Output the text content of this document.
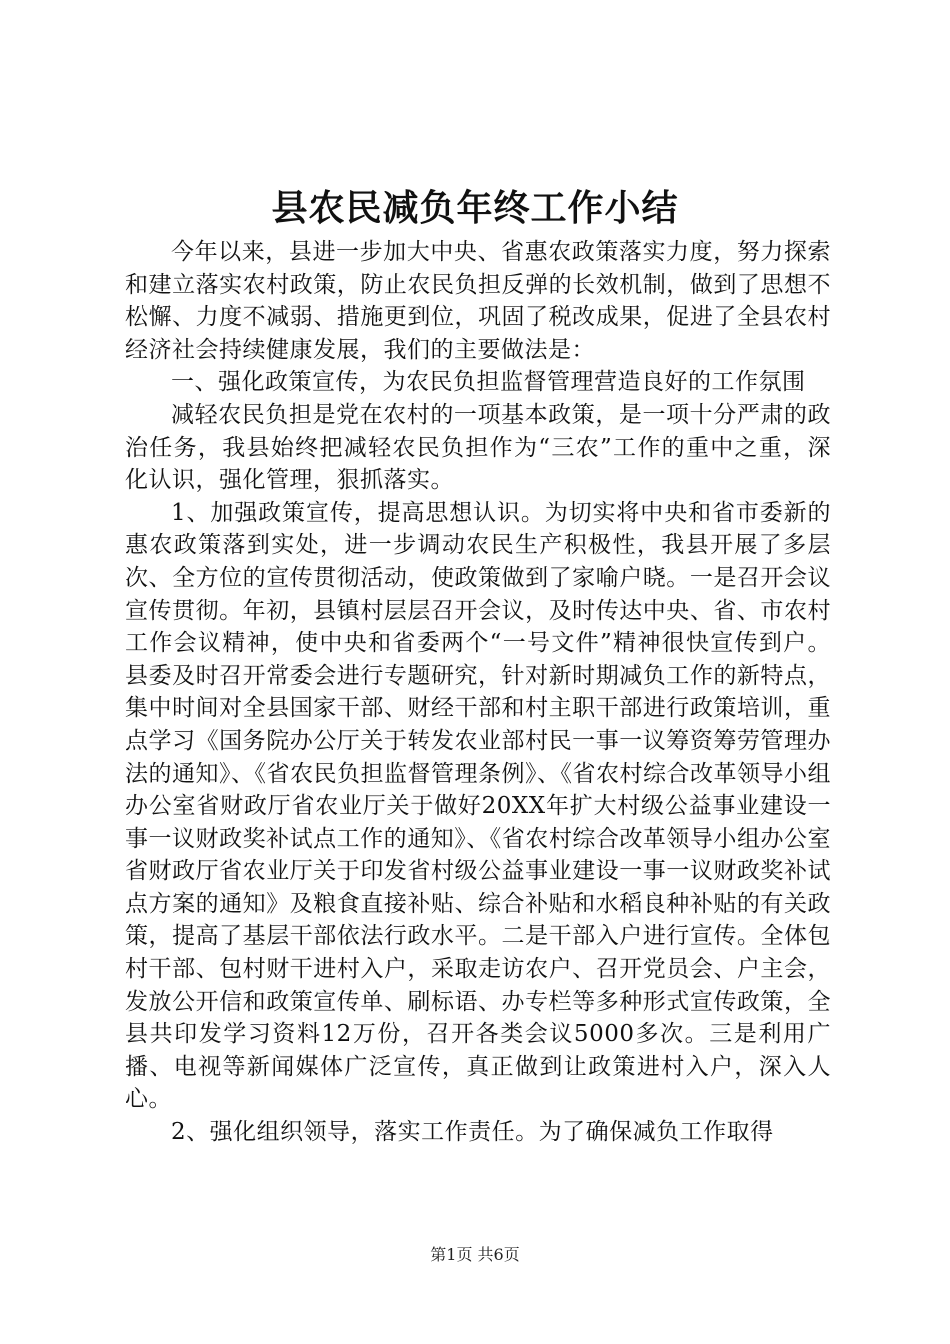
县农民减负年终工作小结

今年以来，县进一步加大中央、省惠农政策落实力度，努力探索和建立落实农村政策，防止农民负担反弹的长效机制，做到了思想不松懈、力度不减弱、措施更到位，巩固了税改成果，促进了全县农村经济社会持续健康发展，我们的主要做法是：

一、强化政策宣传，为农民负担监督管理营造良好的工作氛围

减轻农民负担是党在农村的一项基本政策，是一项十分严肃的政治任务，我县始终把减轻农民负担作为“三农”工作的重中之重，深化认识，强化管理，狠抓落实。

1、加强政策宣传，提高思想认识。为切实将中央和省市委新的惠农政策落到实处，进一步调动农民生产积极性，我县开展了多层次、全方位的宣传贯彻活动，使政策做到了家喻户晓。一是召开会议宣传贯彻。年初，县镇村层层召开会议，及时传达中央、省、市农村工作会议精神，使中央和省委两个“一号文件”精神很快宣传到户。县委及时召开常委会进行专题研究，针对新时期减负工作的新特点，集中时间对全县国家干部、财经干部和村主职干部进行政策培训，重点学习《国务院办公厅关于转发农业部村民一事一议筹资筹劳管理办法的通知》、《省农民负担监督管理条例》、《省农村综合改革领导小组办公室省财政厅省农业厅关于做好20XX年扩大村级公益事业建设一事一议财政奖补试点工作的通知》、《省农村综合改革领导小组办公室省财政厅省农业厅关于印发省村级公益事业建设一事一议财政奖补试点方案的通知》及粮食直接补贴、综合补贴和水稻良种补贴的有关政策，提高了基层干部依法行政水平。二是干部入户进行宣传。全体包村干部、包村财干进村入户，采取走访农户、召开党员会、户主会，发放公开信和政策宣传单、刷标语、办专栏等多种形式宣传政策，全县共印发学习资料12万份，召开各类会议5000多次。三是利用广播、电视等新闻媒体广泛宣传，真正做到让政策进村入户，深入人心。

2、强化组织领导，落实工作责任。为了确保减负工作取得

第1页 共6页
